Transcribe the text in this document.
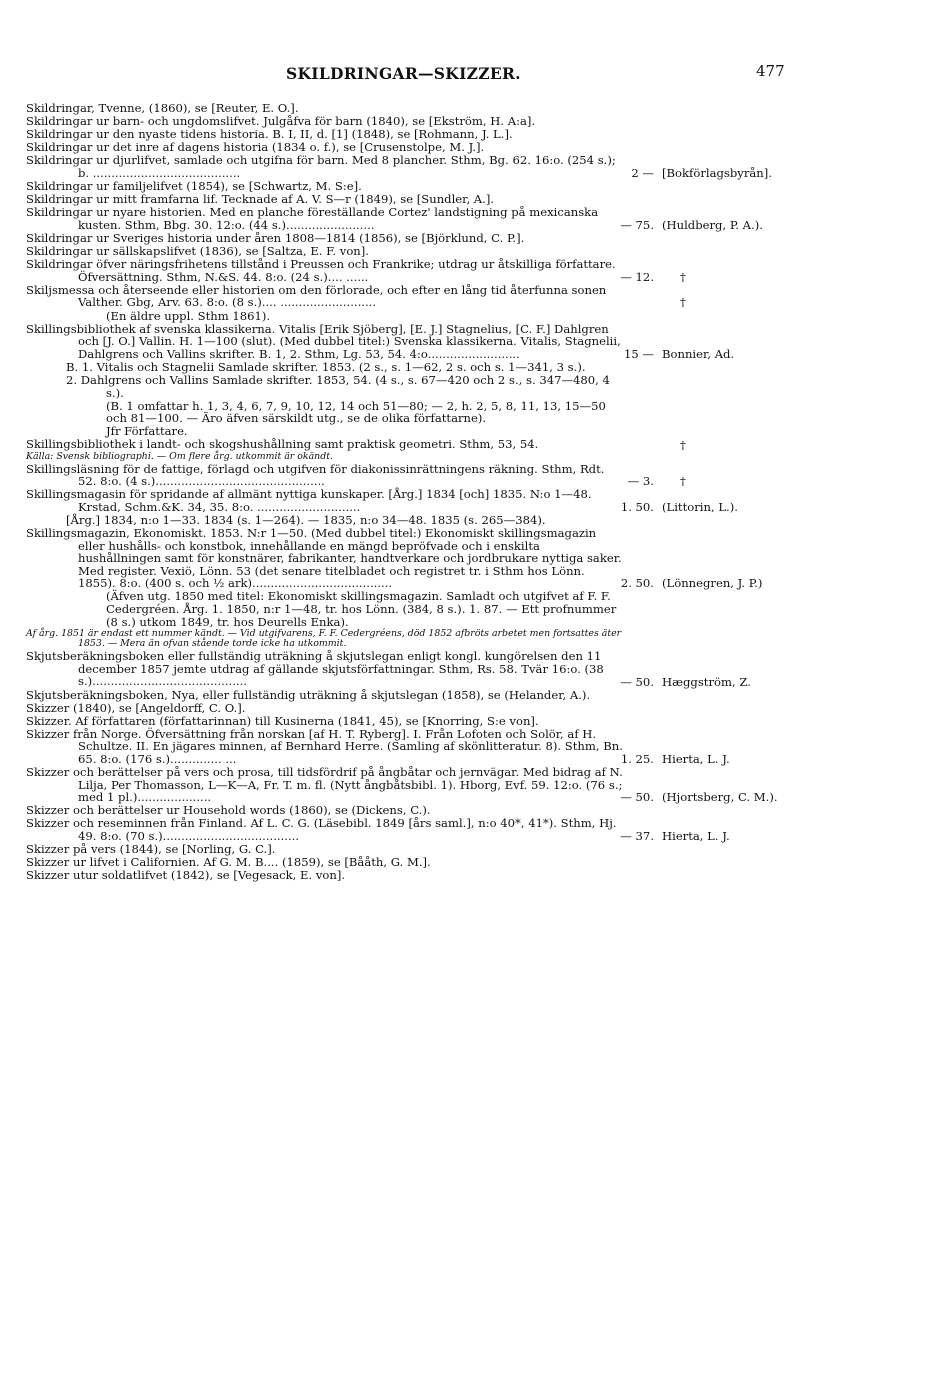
SKILDRINGAR—SKIZZER.	477
Skildringar, Tvenne, (1860), se [Reuter, E. O.].
Skildringar ur barn- och ungdomslifvet. Julgåfva för barn (1840), se [Ekström, H. A:a].
Skildringar ur den nyaste tidens historia. B. I, II, d. [1] (1848), se [Rohmann, J. L.].
Skildringar ur det inre af dagens historia (1834 o. f.), se [Crusenstolpe, M. J.].
Skildringar ur djurlifvet, samlade och utgifna för barn. Med 8 plancher. Sthm, Bg. 62. 16:o. (254 s.); b. ........................................	2 — [Bokförlagsbyrån].
Skildringar ur familjelifvet (1854), se [Schwartz, M. S:e].
Skildringar ur mitt framfarna lif. Tecknade af A. V. S—r (1849), se [Sundler, A.].
Skildringar ur nyare historien. Med en planche föreställande Cortez' landstigning på mexicanska kusten. Sthm, Bbg. 30. 12:o. (44 s.)........................	— 75. (Huldberg, P. A.).
Skildringar ur Sveriges historia under åren 1808—1814 (1856), se [Björklund, C. P.].
Skildringar ur sällskapslifvet (1836), se [Saltza, E. F. von].
Skildringar öfver näringsfrihetens tillstånd i Preussen och Frankrike; utdrag ur åtskilliga författare. Öfversättning. Sthm, N.&S. 44. 8:o. (24 s.).... ......	— 12. †
Skiljsmessa och återseende eller historien om den förlorade, och efter en lång tid återfunna sonen Valther. Gbg, Arv. 63. 8:o. (8 s.).... ..........................	†
(En äldre uppl. Sthm 1861).
Skillingsbibliothek af svenska klassikerna. Vitalis [Erik Sjöberg], [E. J.] Stagnelius, [C. F.] Dahlgren och [J. O.] Vallin. H. 1—100 (slut). (Med dubbel titel:) Svenska klassikerna. Vitalis, Stagnelii, Dahlgrens och Vallins skrifter. B. 1, 2. Sthm, Lg. 53, 54. 4:o.........................	15 — Bonnier, Ad.
B. 1. Vitalis och Stagnelii Samlade skrifter. 1853. (2 s., s. 1—62, 2 s. och s. 1—341, 3 s.).
2. Dahlgrens och Vallins Samlade skrifter. 1853, 54. (4 s., s. 67—420 och 2 s., s. 347—480, 4 s.).
(B. 1 omfattar h. 1, 3, 4, 6, 7, 9, 10, 12, 14 och 51—80; — 2, h. 2, 5, 8, 11, 13, 15—50 och 81—100. — Äro äfven särskildt utg., se de olika författarne).
Jfr Författare.
Skillingsbibliothek i landt- och skogshushållning samt praktisk geometri. Sthm, 53, 54.	†
Källa: Svensk bibliographi. — Om flere årg. utkommit är okändt.
Skillingsläsning för de fattige, förlagd och utgifven för diakonissinrättningens räkning. Sthm, Rdt. 52. 8:o. (4 s.)..............................................	— 3. †
Skillingsmagasin för spridande af allmänt nyttiga kunskaper. [Årg.] 1834 [och] 1835. N:o 1—48. Krstad, Schm.&K. 34, 35. 8:o. ............................	1. 50. (Littorin, L.).
[Årg.] 1834, n:o 1—33. 1834 (s. 1—264). — 1835, n:o 34—48. 1835 (s. 265—384).
Skillingsmagazin, Ekonomiskt. 1853. N:r 1—50. (Med dubbel titel:) Ekonomiskt skillingsmagazin eller hushålls- och konstbok, innehållande en mängd bepröfvade och i enskilta hushållningen samt för konstnärer, fabrikanter, handtverkare och jordbrukare nyttiga saker. Med register. Vexiö, Lönn. 53 (det senare titelbladet och registret tr. i Sthm hos Lönn. 1855). 8:o. (400 s. och ½ ark)......................................	2. 50. (Lönnegren, J. P.)
(Äfven utg. 1850 med titel: Ekonomiskt skillingsmagazin. Samladt och utgifvet af F. F. Cedergréen. Årg. 1. 1850, n:r 1—48, tr. hos Lönn. (384, 8 s.). 1. 87. — Ett profnummer (8 s.) utkom 1849, tr. hos Deurells Enka).
Af årg. 1851 är endast ett nummer kändt. — Vid utgifvarens, F. F. Cedergréens, död 1852 afbröts arbetet men fortsattes äter 1853. — Mera än ofvan stående torde icke ha utkommit.
Skjutsberäkningsboken eller fullständig uträkning å skjutslegan enligt kongl. kungörelsen den 11 december 1857 jemte utdrag af gällande skjutsförfattningar. Sthm, Rs. 58. Tvär 16:o. (38 s.)..........................................	— 50. Hæggström, Z.
Skjutsberäkningsboken, Nya, eller fullständig uträkning å skjutslegan (1858), se (Helander, A.).
Skizzer (1840), se [Angeldorff, C. O.].
Skizzer. Af författaren (författarinnan) till Kusinerna (1841, 45), se [Knorring, S:e von].
Skizzer från Norge. Öfversättning från norskan [af H. T. Ryberg]. I. Från Lofoten och Solör, af H. Schultze. II. En jägares minnen, af Bernhard Herre. (Samling af skönlitteratur. 8). Sthm, Bn. 65. 8:o. (176 s.).............. ...	1. 25. Hierta, L. J.
Skizzer och berättelser på vers och prosa, till tidsfördrif på ångbåtar och jernvägar. Med bidrag af N. Lilja, Per Thomasson, L—K—A, Fr. T. m. fl. (Nytt ångbåtsbibl. 1). Hborg, Evf. 59. 12:o. (76 s.; med 1 pl.)....................	— 50. (Hjortsberg, C. M.).
Skizzer och berättelser ur Household words (1860), se (Dickens, C.).
Skizzer och reseminnen från Finland. Af L. C. G. (Läsebibl. 1849 [års saml.], n:o 40*, 41*). Sthm, Hj. 49. 8:o. (70 s.).....................................	— 37. Hierta, L. J.
Skizzer på vers (1844), se [Norling, G. C.].
Skizzer ur lifvet i Californien. Af G. M. B.... (1859), se [Bååth, G. M.].
Skizzer utur soldatlifvet (1842), se [Vegesack, E. von].
